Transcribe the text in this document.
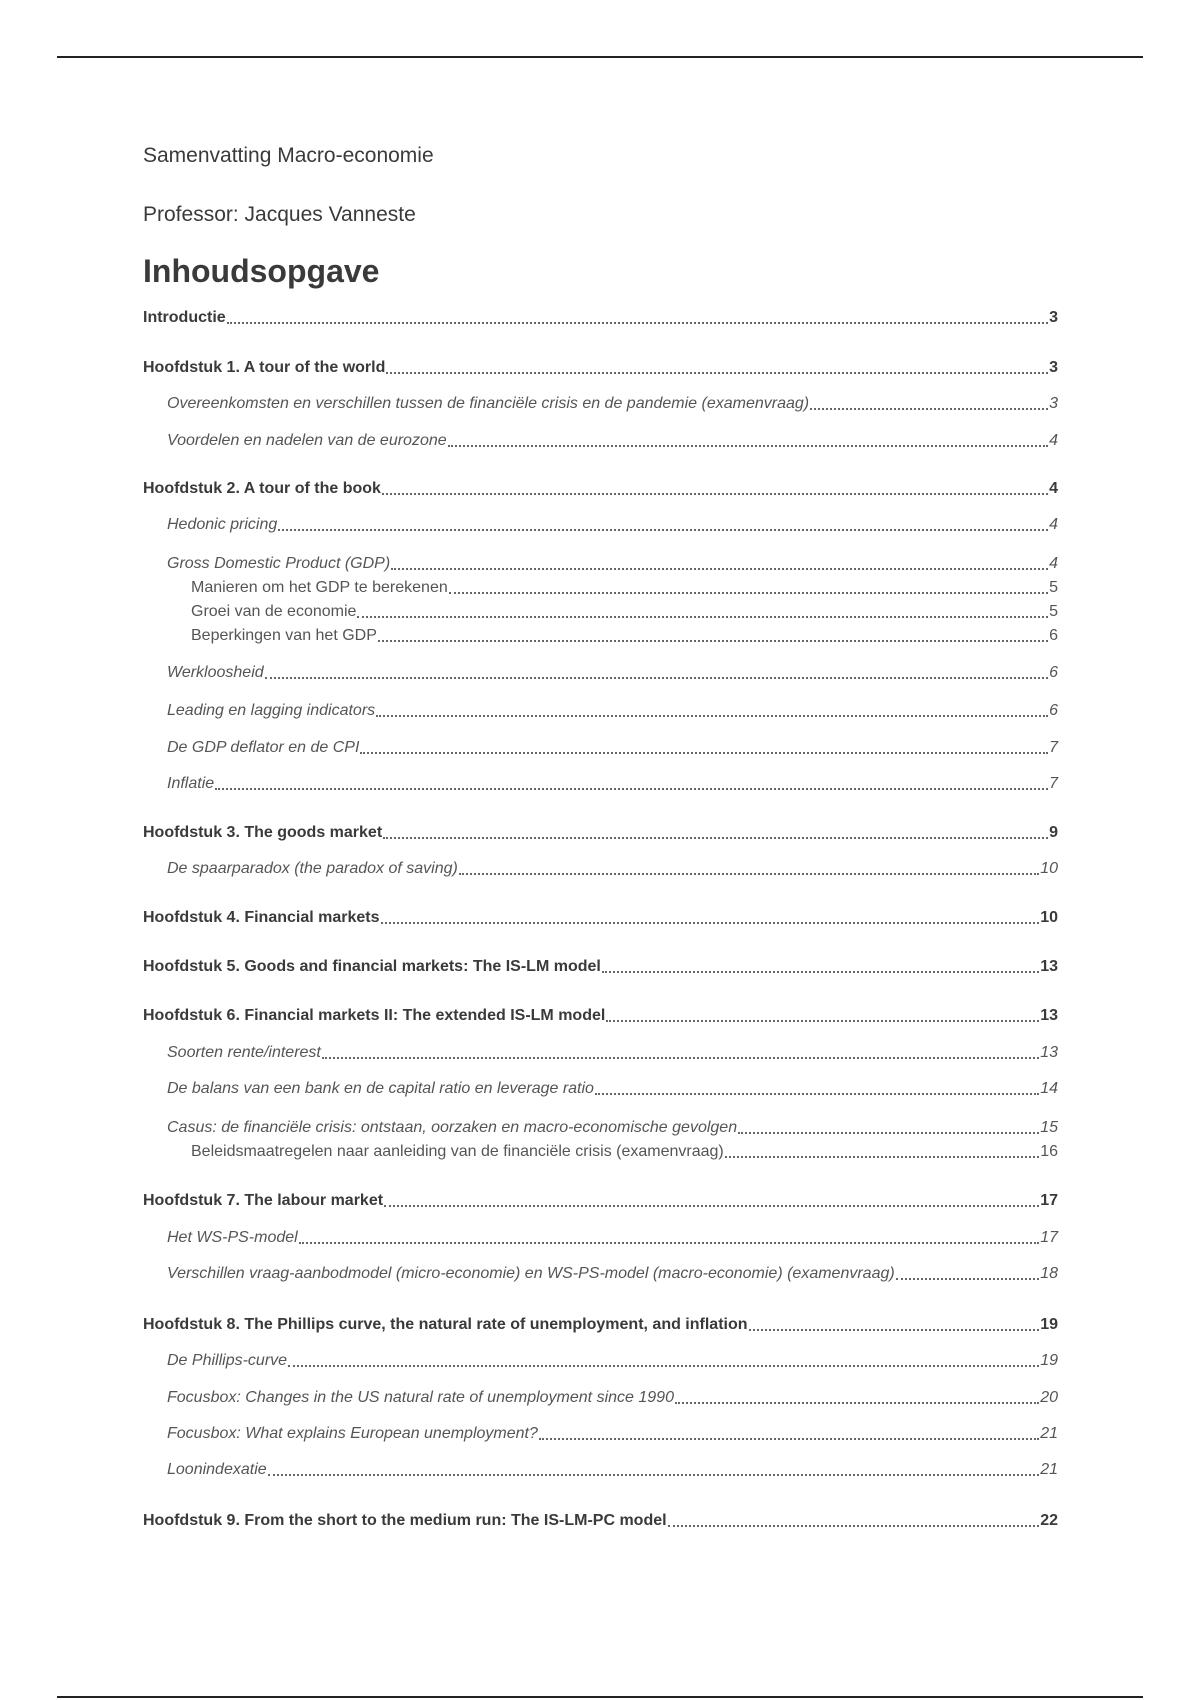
Samenvatting Macro-economie
Professor: Jacques Vanneste
Inhoudsopgave
Introductie	3
Hoofdstuk 1. A tour of the world	3
Overeenkomsten en verschillen tussen de financiële crisis en de pandemie (examenvraag)	3
Voordelen en nadelen van de eurozone	4
Hoofdstuk 2. A tour of the book	4
Hedonic pricing	4
Gross Domestic Product (GDP)	4
Manieren om het GDP te berekenen	5
Groei van de economie	5
Beperkingen van het GDP	6
Werkloosheid	6
Leading en lagging indicators	6
De GDP deflator en de CPI	7
Inflatie	7
Hoofdstuk 3. The goods market	9
De spaarparadox (the paradox of saving)	10
Hoofdstuk 4. Financial markets	10
Hoofdstuk 5. Goods and financial markets: The IS-LM model	13
Hoofdstuk 6. Financial markets II: The extended IS-LM model	13
Soorten rente/interest	13
De balans van een bank en de capital ratio en leverage ratio	14
Casus: de financiële crisis: ontstaan, oorzaken en macro-economische gevolgen	15
Beleidsmaatregelen naar aanleiding van de financiële crisis (examenvraag)	16
Hoofdstuk 7. The labour market	17
Het WS-PS-model	17
Verschillen vraag-aanbodmodel (micro-economie) en WS-PS-model (macro-economie) (examenvraag)	18
Hoofdstuk 8. The Phillips curve, the natural rate of unemployment, and inflation	19
De Phillips-curve	19
Focusbox: Changes in the US natural rate of unemployment since 1990	20
Focusbox: What explains European unemployment?	21
Loonindexatie	21
Hoofdstuk 9. From the short to the medium run: The IS-LM-PC model	22
